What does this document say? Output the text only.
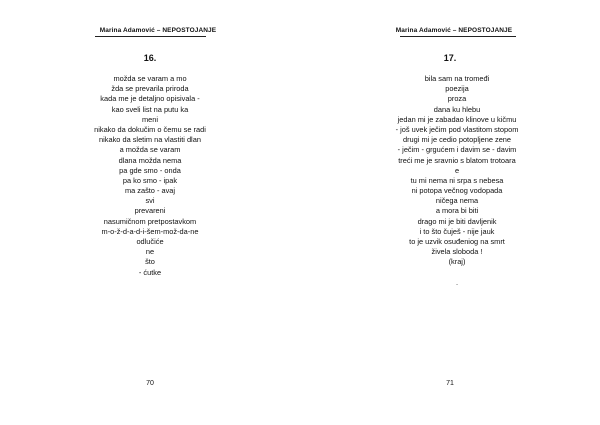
Marina Adamović – NEPOSTOJANJE
16.
možda se varam a mo
žda se prevarila priroda
kada me je detaljno opisivala -
kao sveli list na putu ka
meni
nikako da dokučim o čemu se radi
nikako da sletim na vlastiti dlan
a možda se varam
dlana možda nema
pa gde smo - onda
pa ko smo - ipak
ma zašto - avaj
svi
prevareni
nasumičnom pretpostavkom
m-o-ž-d-a-d-i-šem-mož-da-ne
odlučiće
ne
što
- ćutke
70
Marina Adamović – NEPOSTOJANJE
17.
bila sam na tromeđi
poezija
proza
dana ku hlebu
jedan mi je zabadao klinove u kičmu
- još uvek ječim pod vlastitom stopom
drugi mi je cedio potopljene zene
- ječim - grgućem i davim se - davim
treći me je sravnio s blatom trotoara
e
tu mi nema ni srpa s nebesa
ni potopa večnog vodopada
ničega nema
a mora bi biti
drago mi je biti davljenik
i to što čuješ - nije jauk
to je uzvik osuđeniog na smrt
živela sloboda !
(kraj)
.
71
